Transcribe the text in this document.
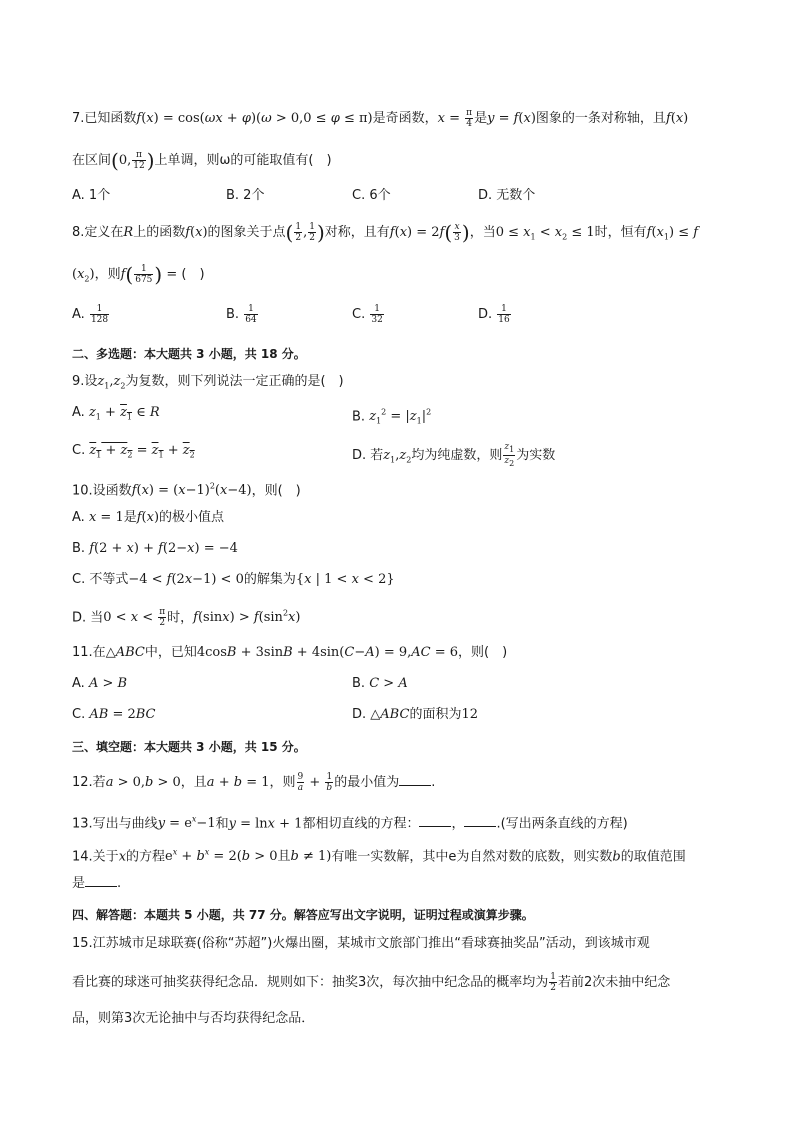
7.已知函数f(x) = cos(ωx + φ)(ω > 0,0 ≤ φ ≤ π)是奇函数，$x = \frac{\pi}{4}$ 是y = f(x)图象的一条对称轴，且f(x)
在区间(0, $\frac{\pi}{12}$ )上单调，则ω的可能取值有(　)
A. 1个	B. 2个	C. 6个	D. 无数个
8.定义在R上的函数f(x)的图象关于点( $\frac{1}{2}$ , $\frac{1}{2}$ )对称，且有$f(x) = 2f( \frac{x}{3}$ )，当$0 \le x_1 < x_2 \le 1$时，恒有$f(x_1) \le f$
$(x_2)$，则$f( \frac{1}{675}$ ) = (　)
A. $\frac{1}{128}$	B. $\frac{1}{64}$	C. $\frac{1}{32}$	D. $\frac{1}{16}$
二、多选题：本大题共 3 小题，共 18 分。
9.设$z_1,z_2$为复数，则下列说法一定正确的是(　)
A. $z_1 + z_1$ ∈ R	B. $z_1^2 = |z_1|^2$
C. $z_1 + z_2 = z_1 + z_2$	D. 若$z_1,z_2$均为纯虚数，则 $\frac{z_1}{z_2}$ 为实数
10.设函数$f(x) = (x-1)^2(x-4)$，则(　)
A. x = 1是f(x)的极小值点
B. f(2 + x) + f(2−x) = −4
C. 不等式−4 < f(2x−1) < 0的解集为{x | 1 < x < 2}
D. 当$0 < x < \frac{\pi}{2}$ 时，$f(\sin x) > f(\sin^2x)$
11.在△ABC中，已知4cosB + 3sinB + 4sin(C−A) = 9,AC = 6，则(　)
A. A > B	B. C > A
C. AB = 2BC	D. △ABC的面积为12
三、填空题：本大题共 3 小题，共 15 分。
12.若a > 0,b > 0，且a + b = 1，则 $\frac{9}{a} + \frac{1}{b}$ 的最小值为 .
13.写出与曲线$y = e^x-1$和y = lnx + 1都相切直线的方程： ， .(写出两条直线的方程)
14.关于x的方程$e^x + b^x = 2(b > 0$且b ≠ 1)有唯一实数解，其中e为自然对数的底数，则实数b的取值范围
是 .
四、解答题：本题共 5 小题，共 77 分。解答应写出文字说明，证明过程或演算步骤。
15.江苏城市足球联赛(俗称“苏超”)火爆出圈，某城市文旅部门推出“看球赛抽奖品”活动，到该城市观
看比赛的球迷可抽奖获得纪念品．规则如下：抽奖3次，每次抽中纪念品的概率均为 $\frac{1}{2}$ 若前2次未抽中纪念
品，则第3次无论抽中与否均获得纪念品．
